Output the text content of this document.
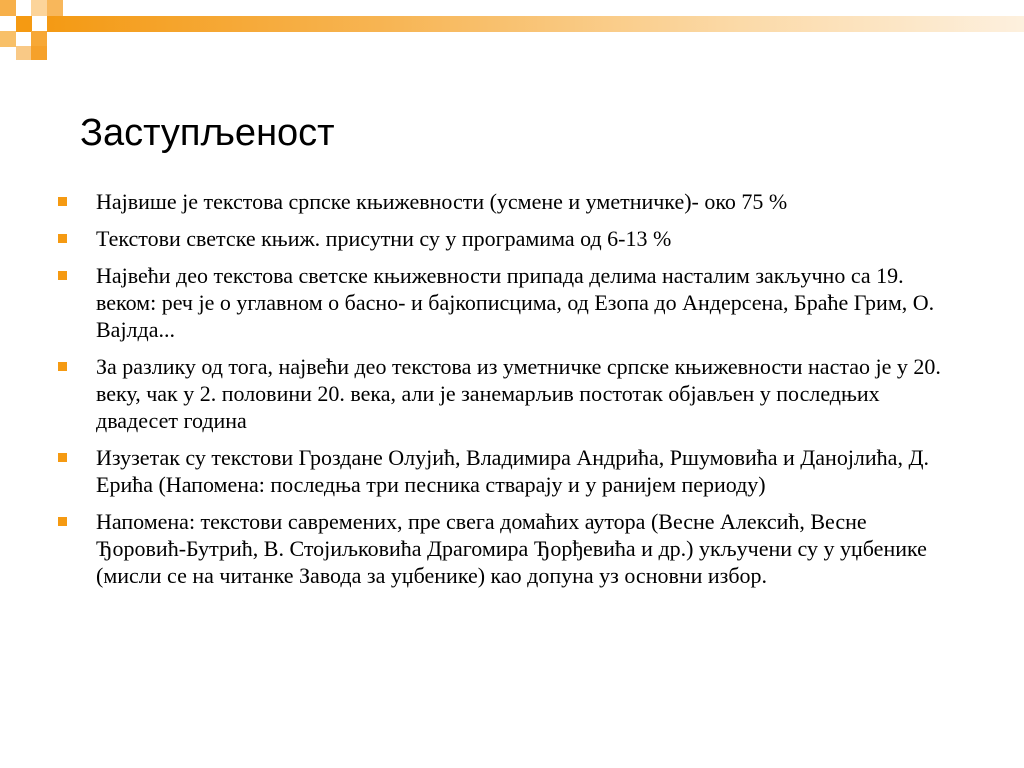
Заступљеност
Највише је текстова српске књижевности (усмене и уметничке)- око 75 %
Текстови светске књиж. присутни су у програмима од 6-13 %
Највећи део текстова светске књижевности припада делима насталим закључно са 19. веком: реч је о углавном о басно- и бајкописцима, од Езопа до Андерсена, Браће Грим, О. Вајлда...
За разлику од тога, највећи део текстова из уметничке српске књижевности настао је у 20. веку, чак у 2. половини 20. века, али је занемарљив постотак објављен у последњих двадесет година
Изузетак су текстови Гроздане Олујић, Владимира Андрића, Ршумовића и Данојлића, Д. Ерића (Напомена: последња три песника стварају и у ранијем периоду)
Напомена: текстови савремених, пре свега домаћих аутора (Весне Алексић, Весне Ђоровић-Бутрић, В. Стојиљковића Драгомира Ђорђевића и др.) укључени су у уџбенике (мисли се на читанке Завода за уџбенике) као допуна уз основни избор.
